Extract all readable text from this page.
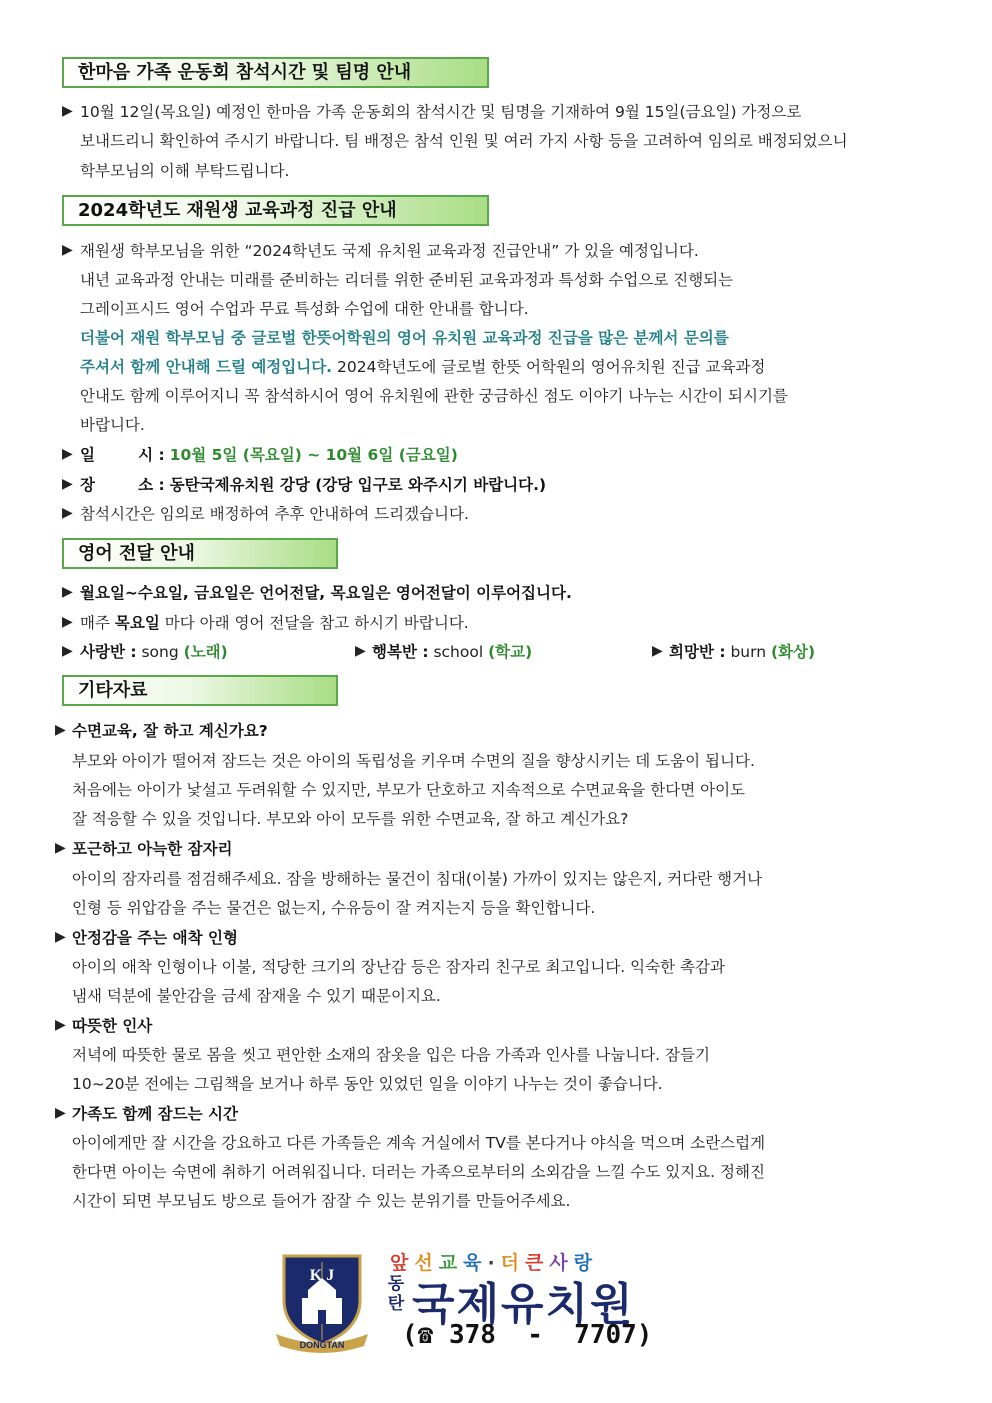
한마음 가족 운동회 참석시간 및 팀명 안내
▶ 10월 12일(목요일) 예정인 한마음 가족 운동회의 참석시간 및 팀명을 기재하여 9월 15일(금요일) 가정으로
보내드리니 확인하여 주시기 바랍니다. 팀 배정은 참석 인원 및 여러 가지 사항 등을 고려하여 임의로 배정되었으니
학부모님의 이해 부탁드립니다.
2024학년도 재원생 교육과정 진급 안내
▶ 재원생 학부모님을 위한 “2024학년도 국제 유치원 교육과정 진급안내” 가 있을 예정입니다.
내년 교육과정 안내는 미래를 준비하는 리더를 위한 준비된 교육과정과 특성화 수업으로 진행되는
그레이프시드 영어 수업과 무료 특성화 수업에 대한 안내를 합니다.
더불어 재원 학부모님 중 글로벌 한뜻어학원의 영어 유치원 교육과정 진급을 많은 분께서 문의를
주셔서 함께 안내해 드릴 예정입니다. 2024학년도에 글로벌 한뜻 어학원의 영어유치원 진급 교육과정
안내도 함께 이루어지니 꼭 참석하시어 영어 유치원에 관한 궁금하신 점도 이야기 나누는 시간이 되시기를
바랍니다.
▶ 일        시 : 10월 5일 (목요일) ~ 10월 6일 (금요일)
▶ 장        소 : 동탄국제유치원 강당 (강당 입구로 와주시기 바랍니다.)
▶ 참석시간은 임의로 배정하여 추후 안내하여 드리겠습니다.
영어 전달 안내
▶ 월요일~수요일, 금요일은 언어전달, 목요일은 영어전달이 이루어집니다.
▶ 매주 목요일 마다 아래 영어 전달을 참고 하시기 바랍니다.
▶ 사랑반 : song (노래)	▶ 행복반 : school (학교)	▶ 희망반 : burn (화상)
기타자료
▶ 수면교육, 잘 하고 계신가요?
부모와 아이가 떨어져 잠드는 것은 아이의 독립성을 키우며 수면의 질을 향상시키는 데 도움이 됩니다.
처음에는 아이가 낯설고 두려워할 수 있지만, 부모가 단호하고 지속적으로 수면교육을 한다면 아이도
잘 적응할 수 있을 것입니다. 부모와 아이 모두를 위한 수면교육, 잘 하고 계신가요?
▶ 포근하고 아늑한 잠자리
아이의 잠자리를 점검해주세요. 잠을 방해하는 물건이 침대(이불) 가까이 있지는 않은지, 커다란 행거나
인형 등 위압감을 주는 물건은 없는지, 수유등이 잘 켜지는지 등을 확인합니다.
▶ 안정감을 주는 애착 인형
아이의 애착 인형이나 이불, 적당한 크기의 장난감 등은 잠자리 친구로 최고입니다. 익숙한 촉감과
냄새 덕분에 불안감을 금세 잠재울 수 있기 때문이지요.
▶ 따뜻한 인사
저녁에 따뜻한 물로 몸을 씻고 편안한 소재의 잠옷을 입은 다음 가족과 인사를 나눕니다. 잠들기
10~20분 전에는 그림책을 보거나 하루 동안 있었던 일을 이야기 나누는 것이 좋습니다.
▶ 가족도 함께 잠드는 시간
아이에게만 잘 시간을 강요하고 다른 가족들은 계속 거실에서 TV를 본다거나 야식을 먹으며 소란스럽게
한다면 아이는 숙면에 취하기 어려워집니다. 더러는 가족으로부터의 소외감을 느낄 수도 있지요. 정해진
시간이 되면 부모님도 방으로 들어가 잠잘 수 있는 분위기를 만들어주세요.
K J
DONGTAN
앞선교육·더큰사랑
동
탄 국제유치원
(☎ 378  -  7707)
